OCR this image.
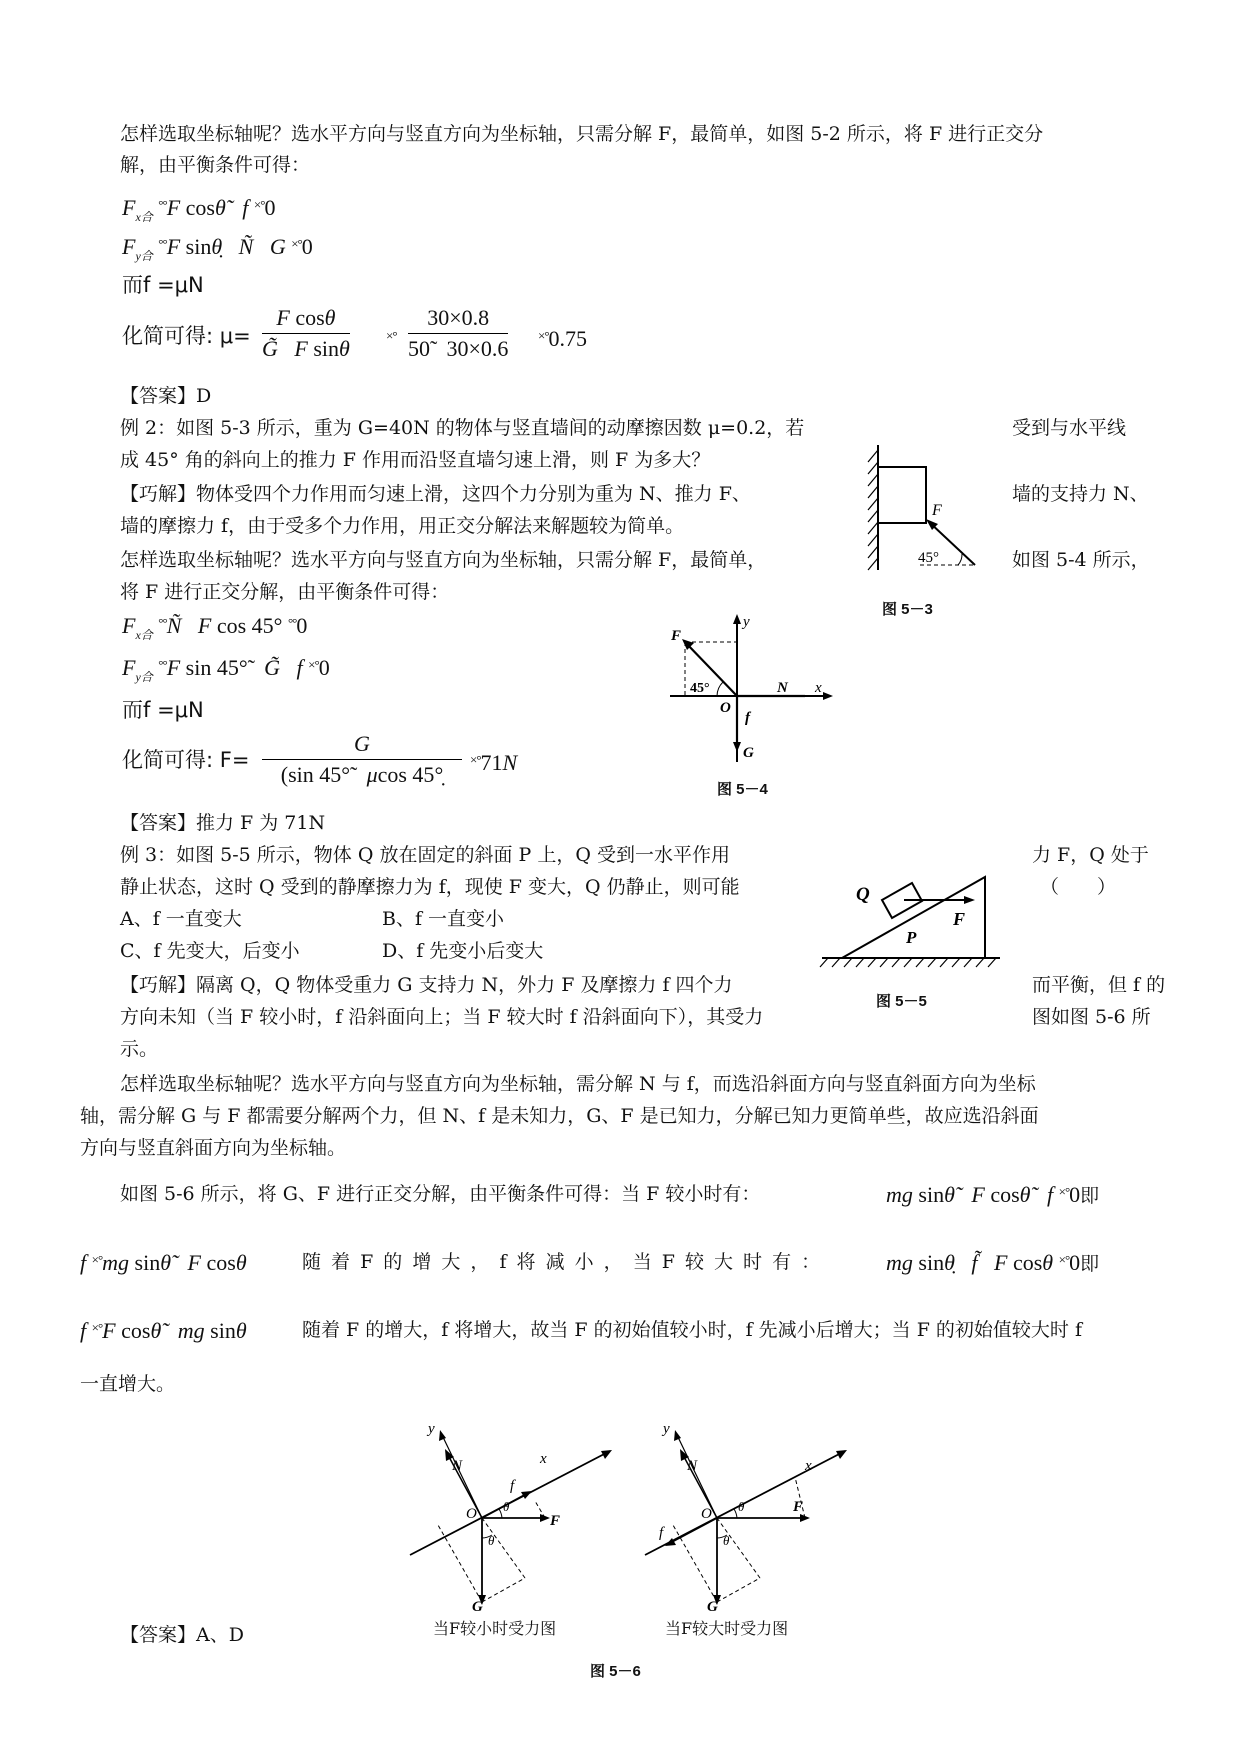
怎样选取坐标轴呢？选水平方向与竖直方向为坐标轴，只需分解 F，最简单，如图 5-2 所示，将 F 进行正交分
解，由平衡条件可得：
$F_{x合}$ °°F cosθ̃ f ×°0
$F_{y合}$ °°F sinθ̣ Ñ G ×°0
而f =μN
化简可得: $\mu= \frac{\text{F cosθ}}{\text{G̃ F sinθ}}$	$^{\times^\circ} \frac{30\times 0.8}{50̃ 30\times 0.6} ^{\times^\circ}0.75$
【答案】D
例 2：如图 5-3 所示，重为 G=40N 的物体与竖直墙间的动摩擦因数 μ=0.2，若	受到与水平线
成 45° 角的斜向上的推力 F 作用而沿竖直墙匀速上滑，则 F 为多大？
【巧解】物体受四个力作用而匀速上滑，这四个力分别为重为 N、推力 F、	墙的支持力 N、
墙的摩擦力 f，由于受多个力作用，用正交分解法来解题较为简单。
怎样选取坐标轴呢？选水平方向与竖直方向为坐标轴，只需分解 F，最简单，	如图 5-4 所示，
将 F 进行正交分解，由平衡条件可得：
F
45°
图 5－3
$F_{x合}$ °°Ñ F cos 45° °°0
$F_{y合}$ °°F sin 45°̃ G̃ f ×°0
而f =μN
化简可得: $F= \frac{G}{(\sin 45^\circ̃ \mu\cos 45^\circ̣} ^{\times^\circ}71N$
F
y
x
N
O
f
G
45°
图 5－4
【答案】推力 F 为 71N
例 3：如图 5-5 所示，物体 Q 放在固定的斜面 P 上，Q 受到一水平作用	力 F，Q 处于
静止状态，这时 Q 受到的静摩擦力为 f，现使 F 变大，Q 仍静止，则可能	（　　）
A、f 一直变大	B、f 一直变小
C、f 先变大，后变小	D、f 先变小后变大
【巧解】隔离 Q，Q 物体受重力 G 支持力 N，外力 F 及摩擦力 f 四个力	而平衡，但 f 的
方向未知（当 F 较小时，f 沿斜面向上；当 F 较大时 f 沿斜面向下），其受力	图如图 5-6 所
示。
Q
P
F
图 5－5
怎样选取坐标轴呢？选水平方向与竖直方向为坐标轴，需分解 N 与 f，而选沿斜面方向与竖直斜面方向为坐标
轴，需分解 G 与 F 都需要分解两个力，但 N、f 是未知力，G、F 是已知力，分解已知力更简单些，故应选沿斜面
方向与竖直斜面方向为坐标轴。
如图 5-6 所示，将 G、F 进行正交分解，由平衡条件可得：当 F 较小时有：	mg sinθ̃ F cosθ̃ f ×°0即
f ×°mg sinθ̃ F cosθ	随 着 F 的 增 大 ， f 将 减 小 ， 当 F 较 大 时 有 ：	mg sinθ̣ f̃ F cosθ ×°0即
f ×°F cosθ̃ mg sinθ	随着 F 的增大，f 将增大，故当 F 的初始值较小时，f 先减小后增大；当 F 的初始值较大时 f
一直增大。
y
N	x
f
O	F
G
θ
θ
当F较小时受力图
y
N	x
f
O	F
G
θ
θ
当F较大时受力图
【答案】A、D
图 5－6
